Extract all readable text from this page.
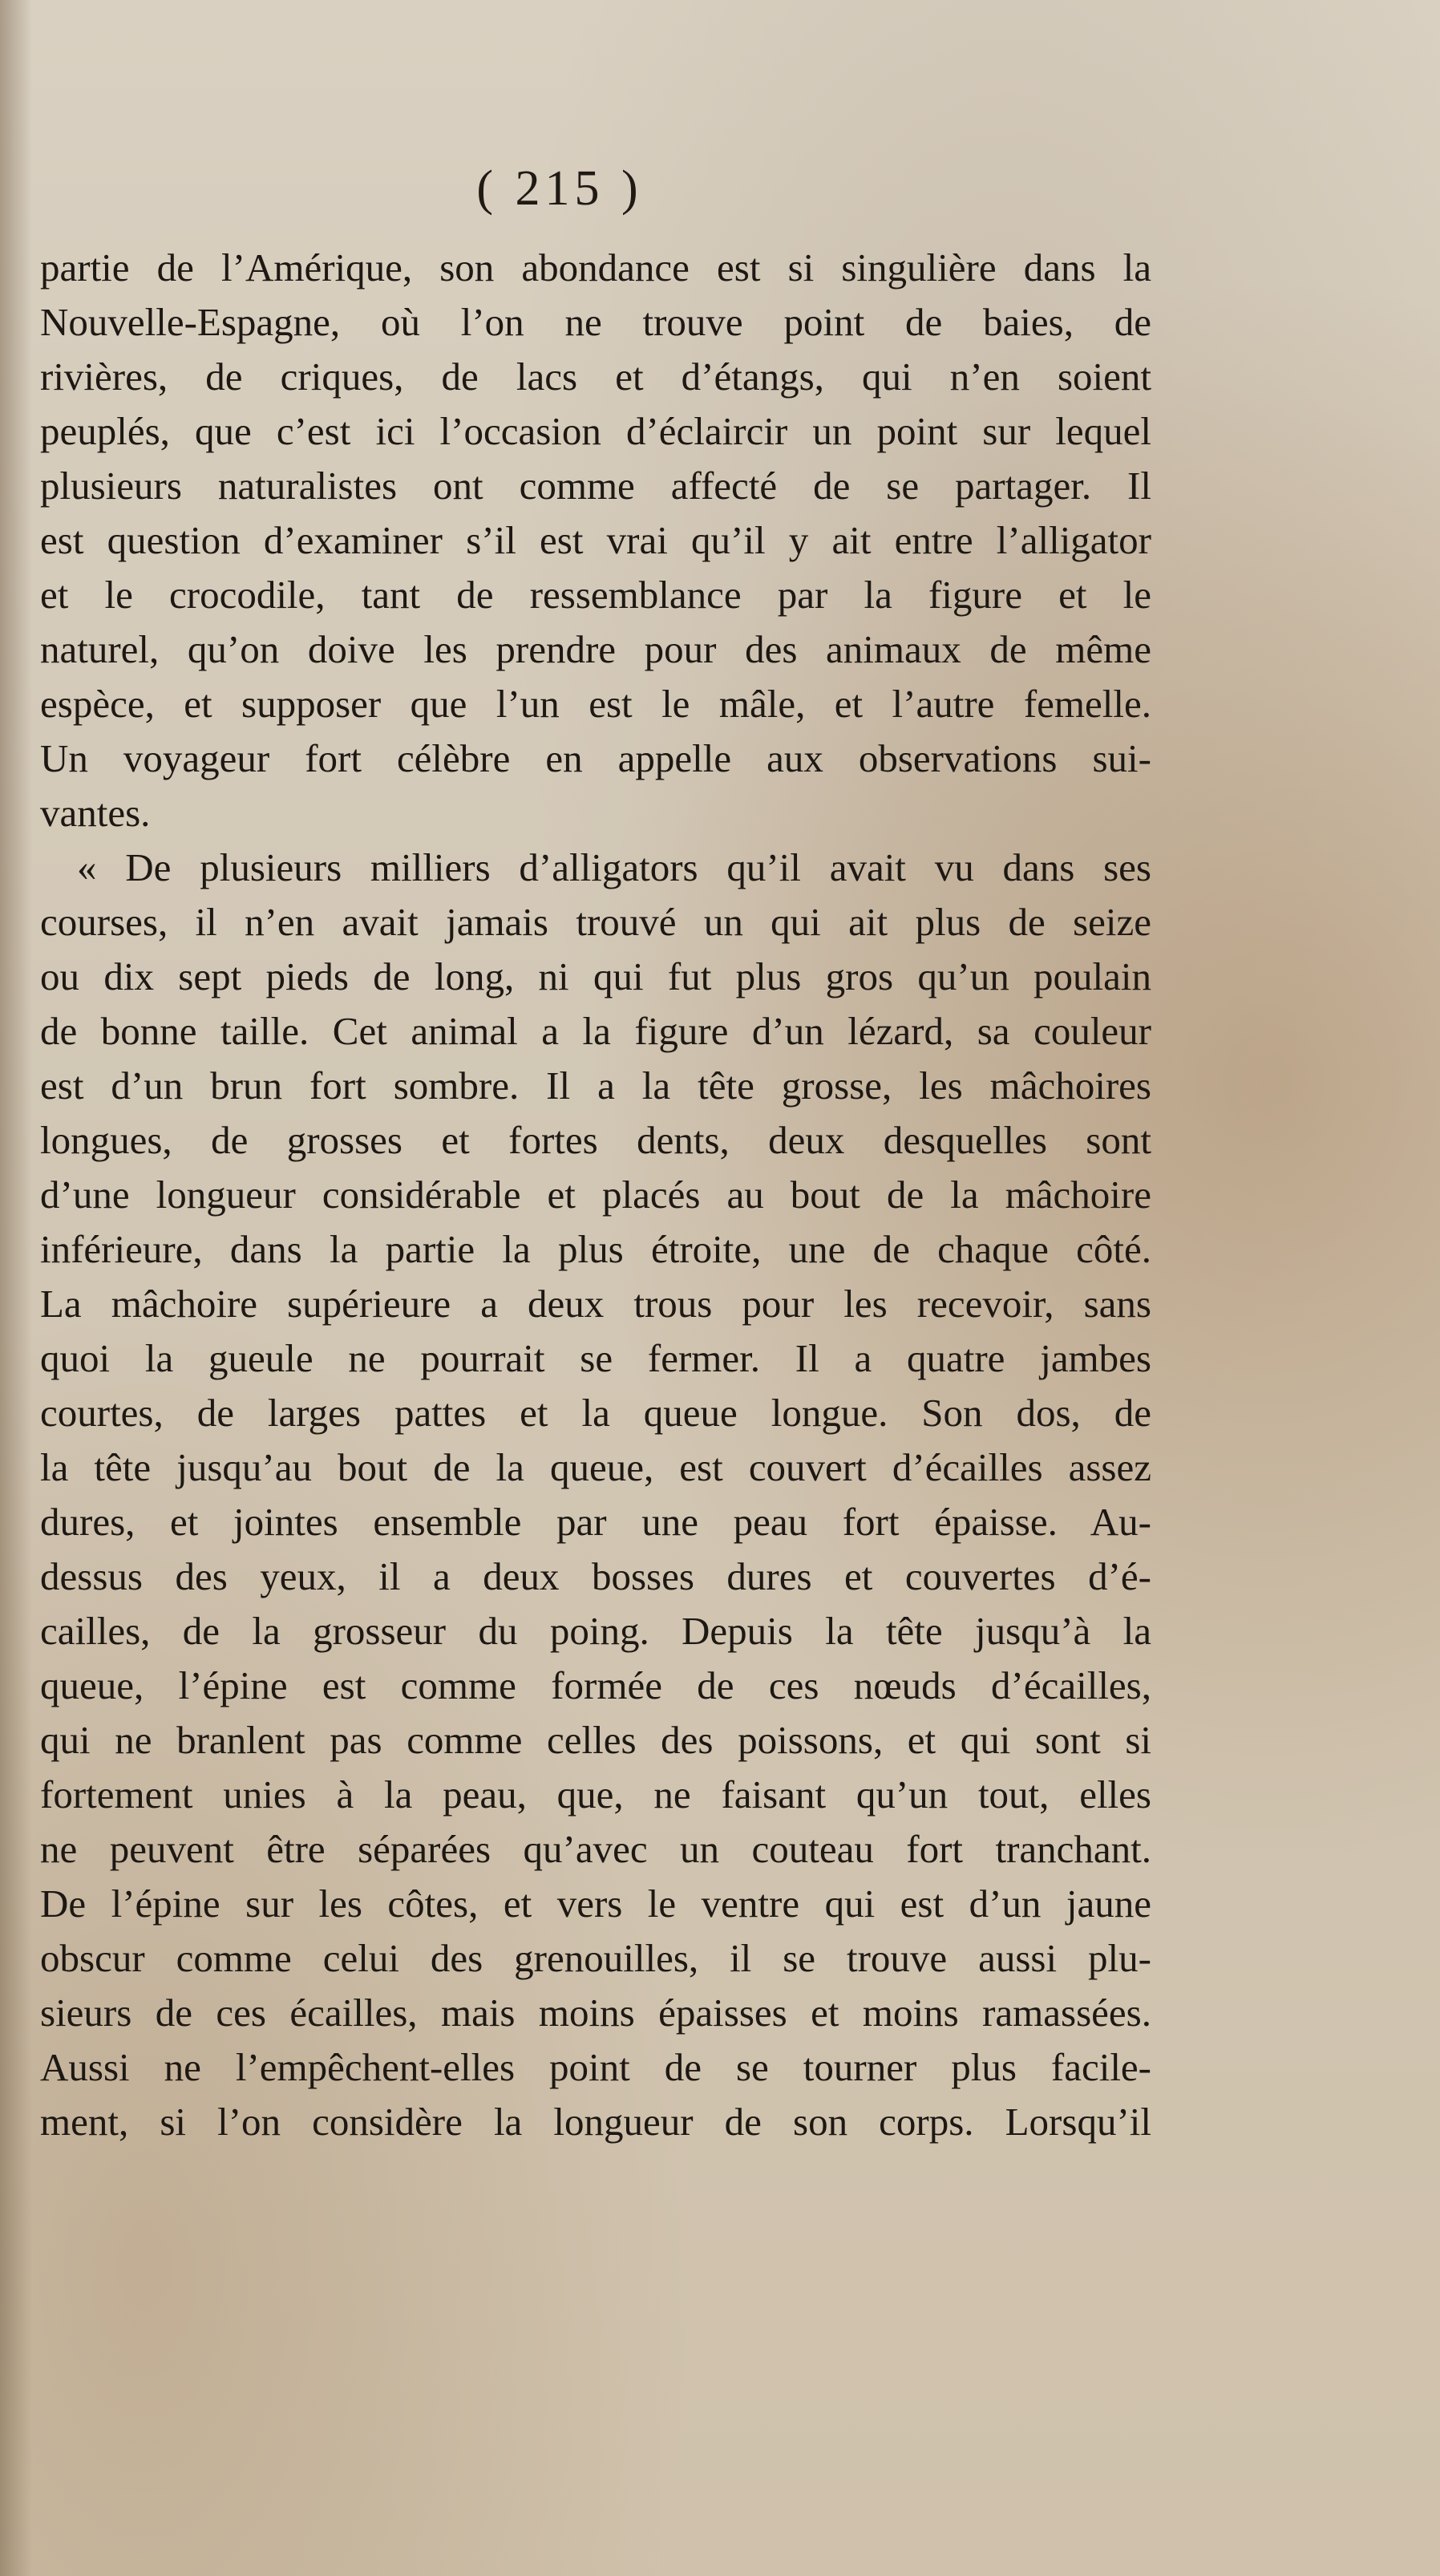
( 215 )
partie de l’Amérique, son abondance est si singulière dans la
Nouvelle-Espagne, où l’on ne trouve point de baies, de
rivières, de criques, de lacs et d’étangs, qui n’en soient
peuplés, que c’est ici l’occasion d’éclaircir un point sur lequel
plusieurs naturalistes ont comme affecté de se partager. Il
est question d’examiner s’il est vrai qu’il y ait entre l’alligator
et le crocodile, tant de ressemblance par la figure et le
naturel, qu’on doive les prendre pour des animaux de même
espèce, et supposer que l’un est le mâle, et l’autre femelle.
Un voyageur fort célèbre en appelle aux observations sui-
vantes.
« De plusieurs milliers d’alligators qu’il avait vu dans ses
courses, il n’en avait jamais trouvé un qui ait plus de seize
ou dix sept pieds de long, ni qui fut plus gros qu’un poulain
de bonne taille. Cet animal a la figure d’un lézard, sa couleur
est d’un brun fort sombre. Il a la tête grosse, les mâchoires
longues, de grosses et fortes dents, deux desquelles sont
d’une longueur considérable et placés au bout de la mâchoire
inférieure, dans la partie la plus étroite, une de chaque côté.
La mâchoire supérieure a deux trous pour les recevoir, sans
quoi la gueule ne pourrait se fermer. Il a quatre jambes
courtes, de larges pattes et la queue longue. Son dos, de
la tête jusqu’au bout de la queue, est couvert d’écailles assez
dures, et jointes ensemble par une peau fort épaisse. Au-
dessus des yeux, il a deux bosses dures et couvertes d’é-
cailles, de la grosseur du poing. Depuis la tête jusqu’à la
queue, l’épine est comme formée de ces nœuds d’écailles,
qui ne branlent pas comme celles des poissons, et qui sont si
fortement unies à la peau, que, ne faisant qu’un tout, elles
ne peuvent être séparées qu’avec un couteau fort tranchant.
De l’épine sur les côtes, et vers le ventre qui est d’un jaune
obscur comme celui des grenouilles, il se trouve aussi plu-
sieurs de ces écailles, mais moins épaisses et moins ramassées.
Aussi ne l’empêchent-elles point de se tourner plus facile-
ment, si l’on considère la longueur de son corps. Lorsqu’il
